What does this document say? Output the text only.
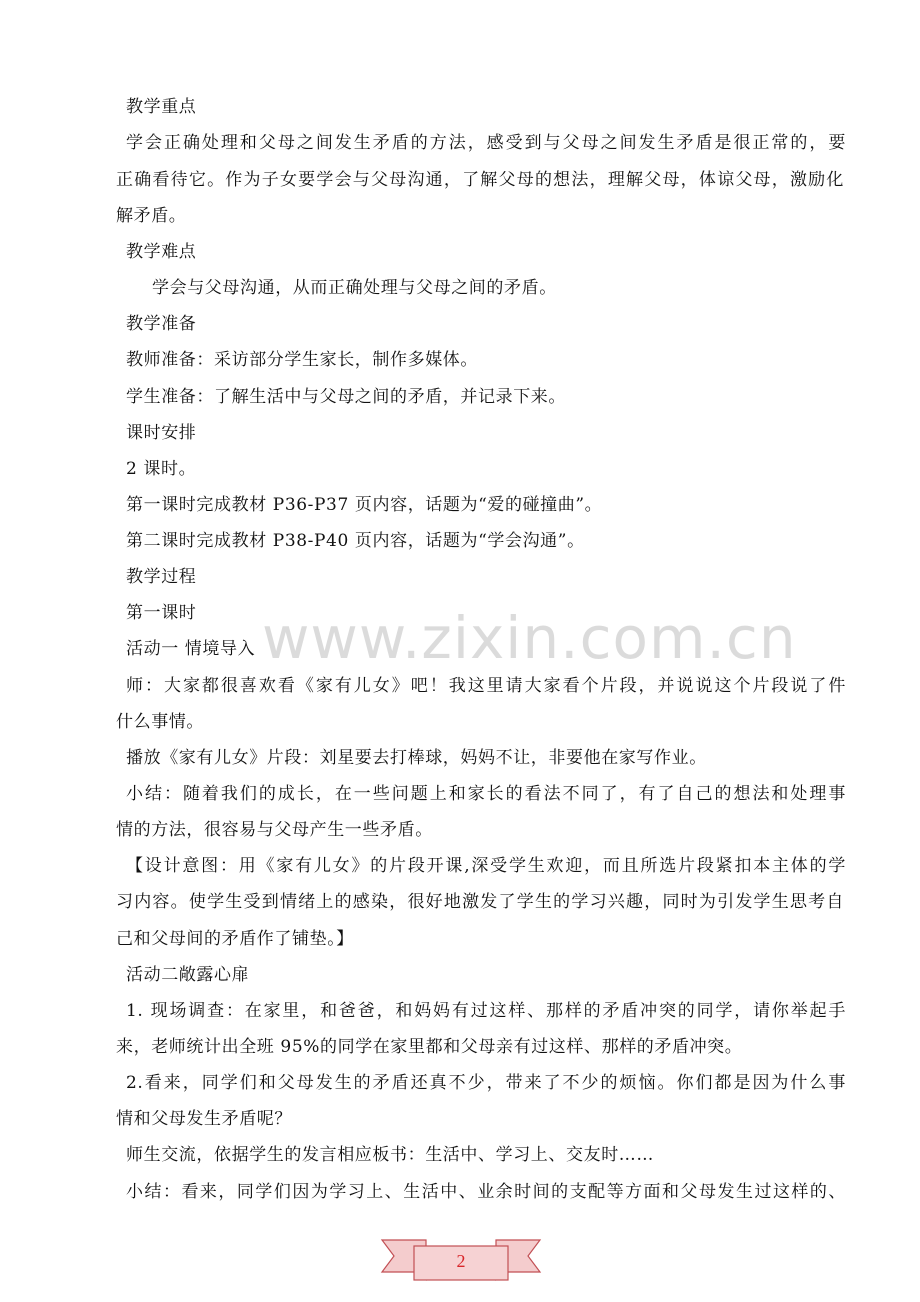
www.zixin.com.cn
教学重点
学会正确处理和父母之间发生矛盾的方法，感受到与父母之间发生矛盾是很正常的，要
正确看待它。作为子女要学会与父母沟通，了解父母的想法，理解父母，体谅父母，激励化
解矛盾。
教学难点
学会与父母沟通，从而正确处理与父母之间的矛盾。
教学准备
教师准备：采访部分学生家长，制作多媒体。
学生准备：了解生活中与父母之间的矛盾，并记录下来。
课时安排
2 课时。
第一课时完成教材 P36-P37 页内容，话题为“爱的碰撞曲”。
第二课时完成教材 P38-P40 页内容，话题为“学会沟通”。
教学过程
第一课时
活动一 情境导入
师：大家都很喜欢看《家有儿女》吧！我这里请大家看个片段，并说说这个片段说了件
什么事情。
播放《家有儿女》片段：刘星要去打棒球，妈妈不让，非要他在家写作业。
小结：随着我们的成长，在一些问题上和家长的看法不同了，有了自己的想法和处理事
情的方法，很容易与父母产生一些矛盾。
【设计意图：用《家有儿女》的片段开课,深受学生欢迎，而且所选片段紧扣本主体的学
习内容。使学生受到情绪上的感染，很好地激发了学生的学习兴趣，同时为引发学生思考自
己和父母间的矛盾作了铺垫。】
活动二敞露心扉
1. 现场调查：在家里，和爸爸，和妈妈有过这样、那样的矛盾冲突的同学，请你举起手
来，老师统计出全班 95%的同学在家里都和父母亲有过这样、那样的矛盾冲突。
2.看来，同学们和父母发生的矛盾还真不少，带来了不少的烦恼。你们都是因为什么事
情和父母发生矛盾呢？
师生交流，依据学生的发言相应板书：生活中、学习上、交友时……
小结：看来，同学们因为学习上、生活中、业余时间的支配等方面和父母发生过这样的、
2
